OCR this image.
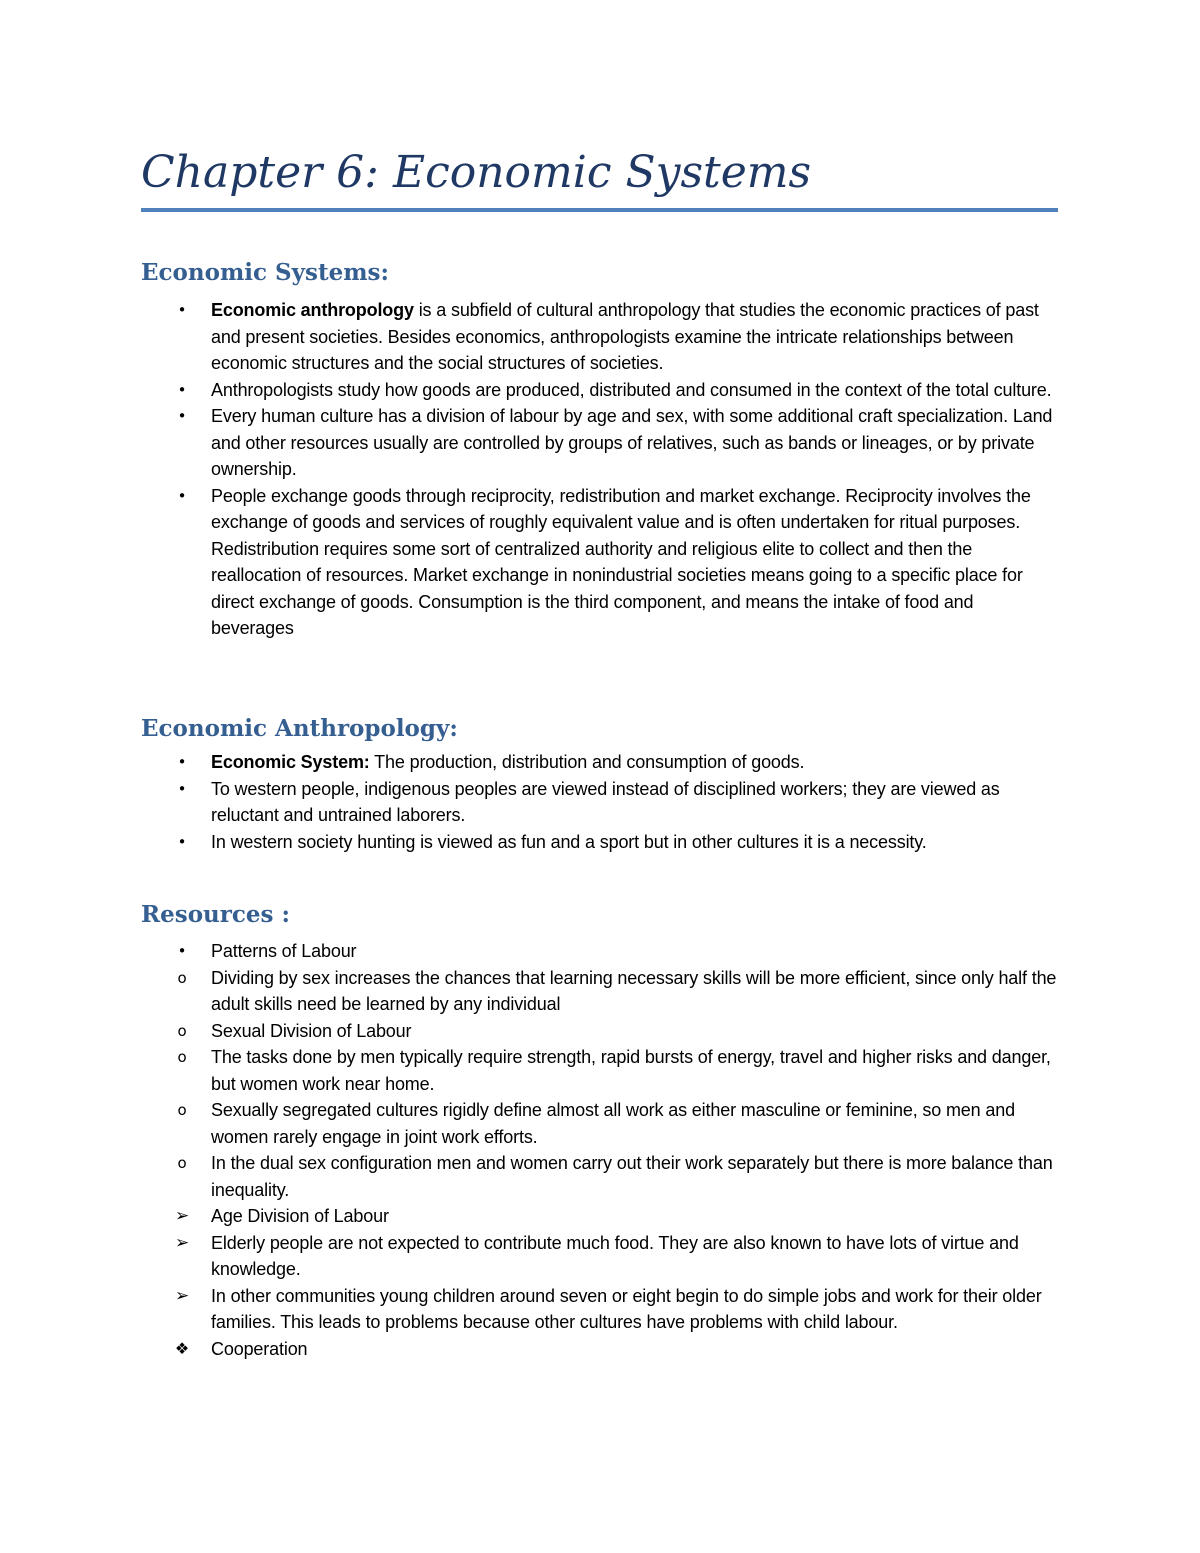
Chapter 6: Economic Systems
Economic Systems:
•	Economic anthropology is a subfield of cultural anthropology that studies the economic practices of past and present societies. Besides economics, anthropologists examine the intricate relationships between economic structures and the social structures of societies.
•	Anthropologists study how goods are produced, distributed and consumed in the context of the total culture.
•	Every human culture has a division of labour by age and sex, with some additional craft specialization. Land and other resources usually are controlled by groups of relatives, such as bands or lineages, or by private ownership.
•	People exchange goods through reciprocity, redistribution and market exchange. Reciprocity involves the exchange of goods and services of roughly equivalent value and is often undertaken for ritual purposes. Redistribution requires some sort of centralized authority and religious elite to collect and then the reallocation of resources. Market exchange in nonindustrial societies means going to a specific place for direct exchange of goods. Consumption is the third component, and means the intake of food and beverages
Economic Anthropology:
•	Economic System: The production, distribution and consumption of goods.
•	To western people, indigenous peoples are viewed instead of disciplined workers; they are viewed as reluctant and untrained laborers.
•	In western society hunting is viewed as fun and a sport but in other cultures it is a necessity.
Resources :
•	Patterns of Labour
o	Dividing by sex increases the chances that learning necessary skills will be more efficient, since only half the adult skills need be learned by any individual
o	Sexual Division of Labour
o	The tasks done by men typically require strength, rapid bursts of energy, travel and higher risks and danger, but women work near home.
o	Sexually segregated cultures rigidly define almost all work as either masculine or feminine, so men and women rarely engage in joint work efforts.
o	In the dual sex configuration men and women carry out their work separately but there is more balance than inequality.
➢ Age Division of Labour
➢ Elderly people are not expected to contribute much food. They are also known to have lots of virtue and knowledge.
➢ In other communities young children around seven or eight begin to do simple jobs and work for their older families. This leads to problems because other cultures have problems with child labour.
❖ Cooperation
